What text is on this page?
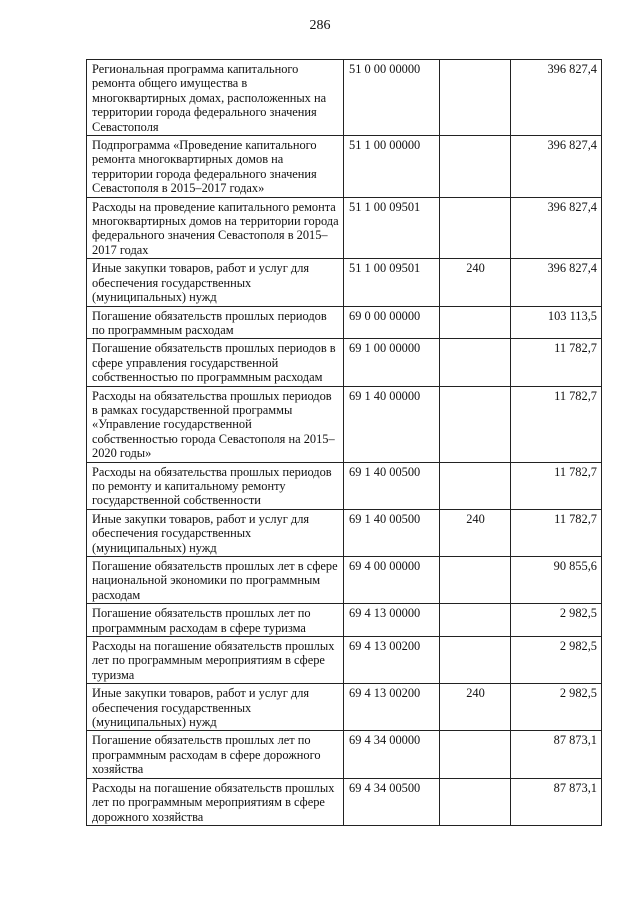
286
Региональная программа капитального ремонта общего имущества в многоквартирных домах, расположенных на территории города федерального значения Севастополя	51 0 00 00000		396 827,4
Подпрограмма «Проведение капитального ремонта многоквартирных домов на территории города федерального значения Севастополя в 2015–2017 годах»	51 1 00 00000		396 827,4
Расходы на проведение капитального ремонта многоквартирных домов на территории города федерального значения Севастополя в 2015–2017 годах	51 1 00 09501		396 827,4
Иные закупки товаров, работ и услуг для обеспечения государственных (муниципальных) нужд	51 1 00 09501	240	396 827,4
Погашение обязательств прошлых периодов по программным расходам	69 0 00 00000		103 113,5
Погашение обязательств прошлых периодов в сфере управления государственной собственностью по программным расходам	69 1 00 00000		11 782,7
Расходы на обязательства прошлых периодов в рамках государственной программы «Управление государственной собственностью города Севастополя на 2015–2020 годы»	69 1 40 00000		11 782,7
Расходы на обязательства прошлых периодов по ремонту и капитальному ремонту государственной собственности	69 1 40 00500		11 782,7
Иные закупки товаров, работ и услуг для обеспечения государственных (муниципальных) нужд	69 1 40 00500	240	11 782,7
Погашение обязательств прошлых лет в сфере национальной экономики по программным расходам	69 4 00 00000		90 855,6
Погашение обязательств прошлых лет по программным расходам в сфере туризма	69 4 13 00000		2 982,5
Расходы на погашение обязательств прошлых лет по программным мероприятиям в сфере туризма	69 4 13 00200		2 982,5
Иные закупки товаров, работ и услуг для обеспечения государственных (муниципальных) нужд	69 4 13 00200	240	2 982,5
Погашение обязательств прошлых лет по программным расходам в сфере дорожного хозяйства	69 4 34 00000		87 873,1
Расходы на погашение обязательств прошлых лет по программным мероприятиям в сфере дорожного хозяйства	69 4 34 00500		87 873,1
